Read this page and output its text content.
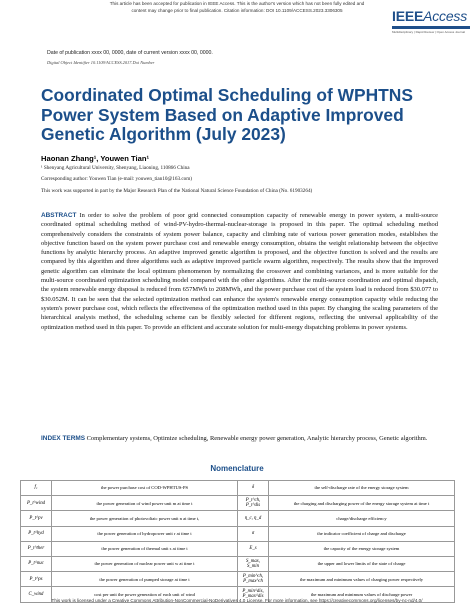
This article has been accepted for publication in IEEE Access. This is the author's version which has not been fully edited and
content may change prior to final publication. Citation information: DOI 10.1109/ACCESS.2023.3306305	IEEEAccess
Multidisciplinary | Rapid Review | Open Access Journal
Date of publication xxxx 00, 0000, date of current version xxxx 00, 0000.
Digital Object Identifier 10.1109/ACCESS.2017.Doi Number
Coordinated Optimal Scheduling of WPHTNS Power System Based on Adaptive Improved Genetic Algorithm (July 2023)
Haonan Zhang¹, Youwen Tian¹
¹ Shenyang Agricultural University, Shenyang, Liaoning, 110866 China
Corresponding author: Youwen Tian (e-mail: youwen_tian10@163.com)
This work was supported in part by the Major Research Plan of the National Natural Science Foundation of China (No. 61903264)
ABSTRACT In order to solve the problem of poor grid connected consumption capacity of renewable energy in power system, a multi-source coordinated optimal scheduling method of wind-PV-hydro-thermal-nuclear-storage is proposed in this paper. The optimal scheduling method comprehensively considers the constraints of system power balance, capacity and climbing rate of various power generation modes, establishes the objective function based on the system power purchase cost and renewable energy consumption, obtains the weight relationship between the objective functions by analytic hierarchy process. An adaptive improved genetic algorithm is proposed, and the objective function is solved and the results are compared by this algorithm and three algorithms such as adaptive improved particle swarm algorithm, respectively. The results show that the improved genetic algorithm can eliminate the local optimum phenomenon by normalizing the crossover and combining variances, and is more suitable for the multi-source coordinated optimization scheduling model compared with the other algorithms. After the multi-source coordination and optimal dispatch, the system renewable energy disposal is reduced from 657MWh to 208MWh, and the power purchase cost of the system load is reduced from $30.077 to $30.052M. It can be seen that the selected optimization method can enhance the system's renewable energy consumption capacity while reducing the system's power purchase cost, which reflects the effectiveness of the optimization method used in this paper. By changing the scaling parameters of the hierarchical analysis method, the scheduling scheme can be flexibly selected for different regions, reflecting the universal applicability of the optimization method used in this paper. To provide an efficient and accurate solution for multi-energy dispatching problems in power systems.
INDEX TERMS Complementary systems, Optimize scheduling, Renewable energy power generation, Analytic hierarchy process, Genetic algorithm.
Nomenclature
f₁	the power purchase cost of COD-WPHTUS-PS	δ	the self-discharge rate of the energy storage system
P_t^wind	the power generation of wind power unit m at time t	P_t^ch, P_t^dis	the charging and discharging power of the energy storage system at time t
P_t^pv	the power generation of photovoltaic power unit n at time t,	η_c, η_d	charge/discharge efficiency
P_t^hyd	the power generation of hydropower unit r at time t	σ	the indicator coefficient of charge and discharge
P_t^ther	the power generation of thermal unit s at time t	E_s	the capacity of the energy storage system
P_t^nuc	the power generation of nuclear power unit w at time t	S_max, S_min	the upper and lower limits of the state of charge
P_t^ps	the power generation of pumped storage at time t	P_min^ch, P_max^ch	the maximum and minimum values of charging power respectively
C_wind	cost per unit the power generation of each unit of wind	P_min^dis, P_max^dis	the maximum and minimum values of discharge power
This work is licensed under a Creative Commons Attribution-NonCommercial-NoDerivatives 4.0 License. For more information, see https://creativecommons.org/licenses/by-nc-nd/4.0/
